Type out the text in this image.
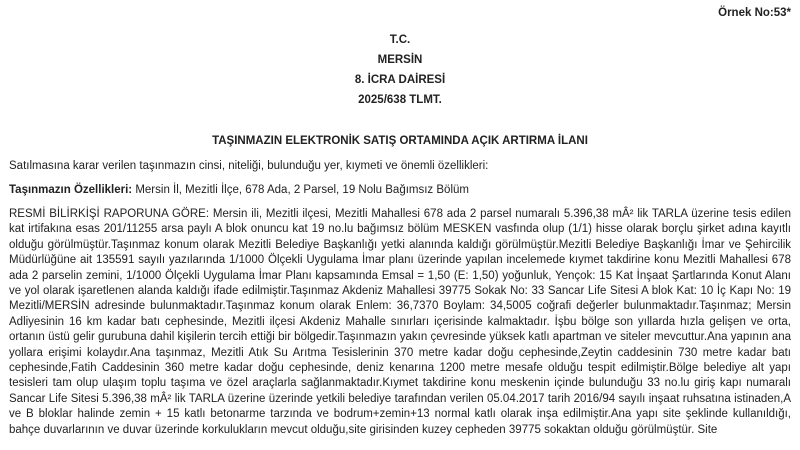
Örnek No:53*
T.C.
MERSİN
8. İCRA DAİRESİ
2025/638 TLMT.
TAŞINMAZIN ELEKTRONİK SATIŞ ORTAMINDA AÇIK ARTIRMA İLANI
Satılmasına karar verilen taşınmazın cinsi, niteliği, bulunduğu yer, kıymeti ve önemli özellikleri:
Taşınmazın Özellikleri: Mersin İl, Mezitli İlçe, 678 Ada, 2 Parsel, 19 Nolu Bağımsız Bölüm

RESMİ BİLİRKİŞİ RAPORUNA GÖRE: Mersin ili, Mezitli ilçesi, Mezitli Mahallesi 678 ada 2 parsel numaralı 5.396,38 mÂ² lik TARLA üzerine tesis edilen kat irtifakına esas 201/11255 arsa paylı A blok onuncu kat 19 no.lu bağımsız bölüm MESKEN vasfında olup (1/1) hisse olarak borçlu şirket adına kayıtlı olduğu görülmüştür.Taşınmaz konum olarak Mezitli Belediye Başkanlığı yetki alanında kaldığı görülmüştür.Mezitli Belediye Başkanlığı İmar ve Şehircilik Müdürlüğüne ait 135591 sayılı yazılarında 1/1000 Ölçekli Uygulama İmar planı üzerinde yapılan incelemede kıymet takdirine konu Mezitli Mahallesi 678 ada 2 parselin zemini, 1/1000 Ölçekli Uygulama İmar Planı kapsamında Emsal = 1,50 (E: 1,50) yoğunluk, Yençok: 15 Kat İnşaat Şartlarında Konut Alanı ve yol olarak işaretlenen alanda kaldığı ifade edilmiştir.Taşınmaz Akdeniz Mahallesi 39775 Sokak No: 33 Sancar Life Sitesi A blok Kat: 10 İç Kapı No: 19 Mezitli/MERSİN adresinde bulunmaktadır.Taşınmaz konum olarak Enlem: 36,7370 Boylam: 34,5005 coğrafi değerler bulunmaktadır.Taşınmaz; Mersin Adliyesinin 16 km kadar batı cephesinde, Mezitli ilçesi Akdeniz Mahalle sınırları içerisinde kalmaktadır. İşbu bölge son yıllarda hızla gelişen ve orta, ortanın üstü gelir gurubuna dahil kişilerin tercih ettiği bir bölgedir.Taşınmazın yakın çevresinde yüksek katlı apartman ve siteler mevcuttur.Ana yapının ana yollara erişimi kolaydır.Ana taşınmaz, Mezitli Atık Su Arıtma Tesislerinin 370 metre kadar doğu cephesinde,Zeytin caddesinin 730 metre kadar batı cephesinde,Fatih Caddesinin 360 metre kadar doğu cephesinde, deniz kenarına 1200 metre mesafe olduğu tespit edilmiştir.Bölge belediye alt yapı tesisleri tam olup ulaşım toplu taşıma ve özel araçlarla sağlanmaktadır.Kıymet takdirine konu meskenin içinde bulunduğu 33 no.lu giriş kapı numaralı Sancar Life Sitesi 5.396,38 mÂ² lik TARLA üzerine üzerinde yetkili belediye tarafından verilen 05.04.2017 tarih 2016/94 sayılı inşaat ruhsatına istinaden,A ve B bloklar halinde zemin + 15 katlı betonarme tarzında ve bodrum+zemin+13 normal katlı olarak inşa edilmiştir.Ana yapı site şeklinde kullanıldığı, bahçe duvarlarının ve duvar üzerinde korkulukların mevcut olduğu,site girisinden kuzey cepheden 39775 sokaktan olduğu görülmüştür. Site
